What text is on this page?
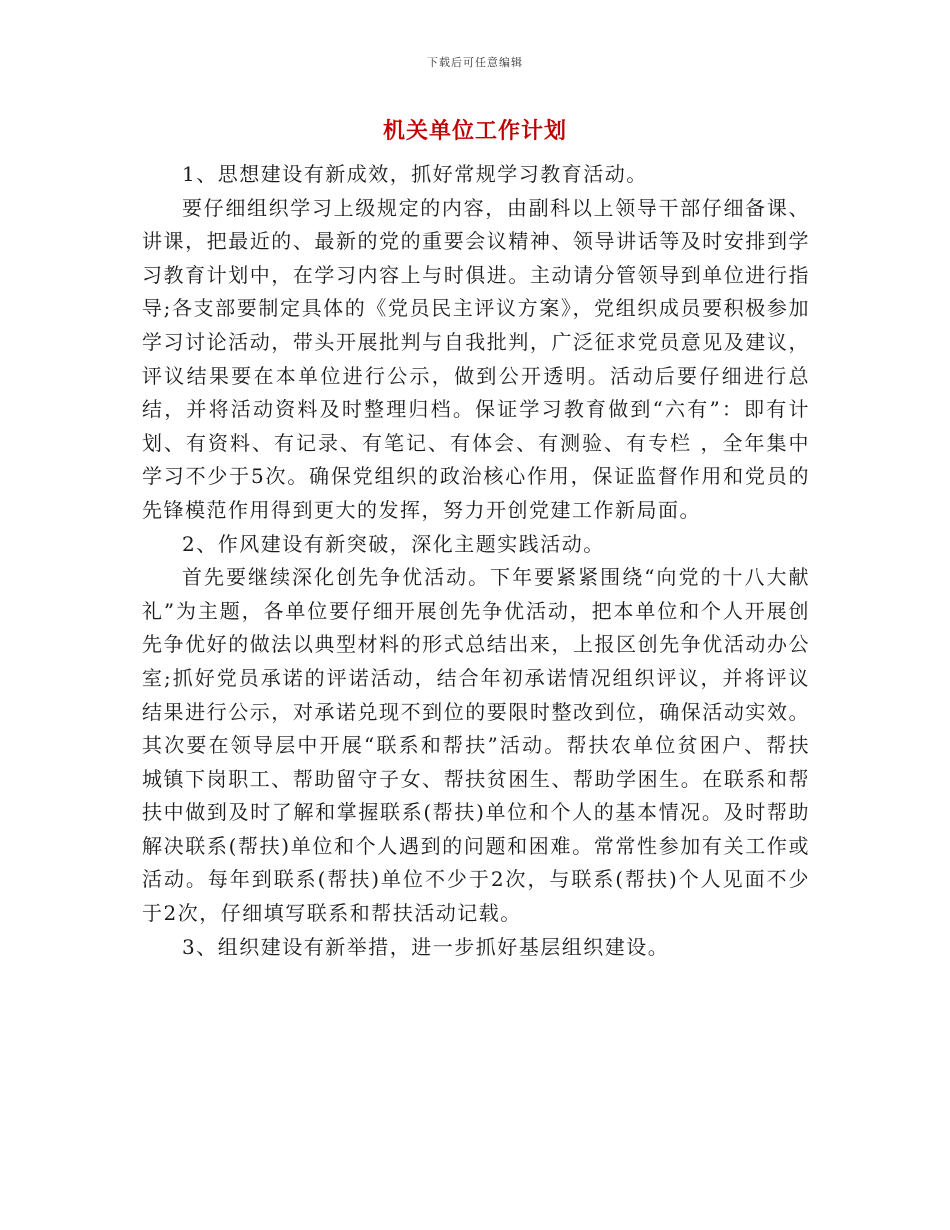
下载后可任意编辑
机关单位工作计划

1、思想建设有新成效，抓好常规学习教育活动。

要仔细组织学习上级规定的内容，由副科以上领导干部仔细备课、讲课，把最近的、最新的党的重要会议精神、领导讲话等及时安排到学习教育计划中，在学习内容上与时俱进。主动请分管领导到单位进行指导;各支部要制定具体的《党员民主评议方案》，党组织成员要积极参加学习讨论活动，带头开展批判与自我批判，广泛征求党员意见及建议，评议结果要在本单位进行公示，做到公开透明。活动后要仔细进行总结，并将活动资料及时整理归档。保证学习教育做到“六有”：即有计划、有资料、有记录、有笔记、有体会、有测验、有专栏 ，全年集中学习不少于5次。确保党组织的政治核心作用，保证监督作用和党员的先锋模范作用得到更大的发挥，努力开创党建工作新局面。

2、作风建设有新突破，深化主题实践活动。

首先要继续深化创先争优活动。下年要紧紧围绕“向党的十八大献礼”为主题，各单位要仔细开展创先争优活动，把本单位和个人开展创先争优好的做法以典型材料的形式总结出来，上报区创先争优活动办公室;抓好党员承诺的评诺活动，结合年初承诺情况组织评议，并将评议结果进行公示，对承诺兑现不到位的要限时整改到位，确保活动实效。其次要在领导层中开展“联系和帮扶”活动。帮扶农单位贫困户、帮扶城镇下岗职工、帮助留守子女、帮扶贫困生、帮助学困生。在联系和帮扶中做到及时了解和掌握联系(帮扶)单位和个人的基本情况。及时帮助解决联系(帮扶)单位和个人遇到的问题和困难。常常性参加有关工作或活动。每年到联系(帮扶)单位不少于2次，与联系(帮扶)个人见面不少于2次，仔细填写联系和帮扶活动记载。

3、组织建设有新举措，进一步抓好基层组织建设。
